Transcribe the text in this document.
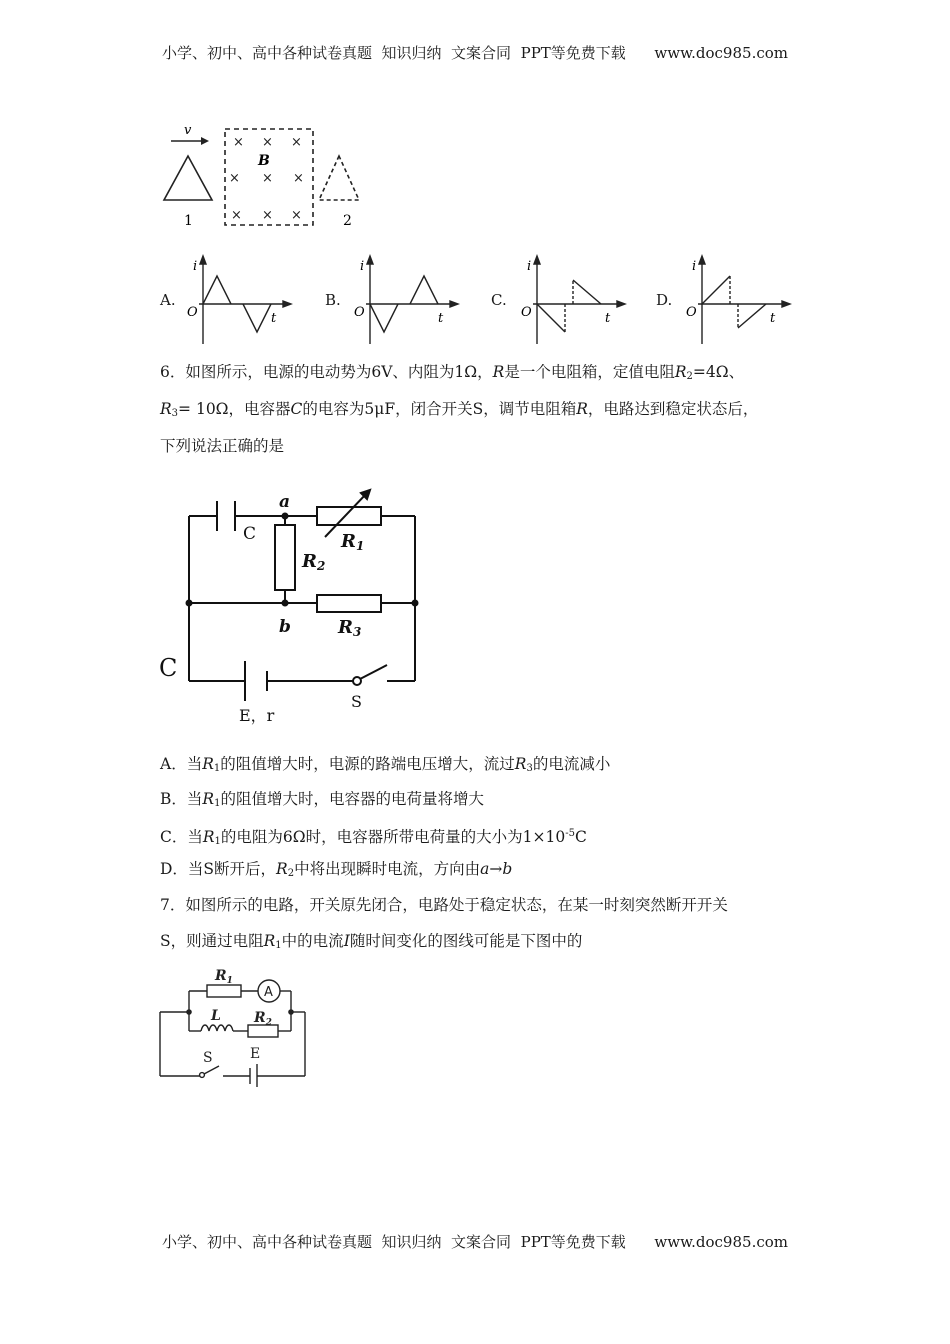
小学、初中、高中各种试卷真题  知识归纳  文案合同  PPT等免费下载      www.doc985.com
× × ×
× × ×
× × ×
v
B
1	2
A.
i
t
O
B.
i
t
O
C.
i
t
O
D.
i
t
O
6．如图所示，电源的电动势为6V、内阻为1Ω，R是一个电阻箱，定值电阻$R_2=4\Omega$、
$R_3= 10\Omega$，电容器C的电容为5μF，闭合开关S，调节电阻箱R，电路达到稳定状态后，
下列说法正确的是
a
b
C	R1
R2
R3
E，r
S
C
A．当$R_1$的阻值增大时，电源的路端电压增大，流过$R_3$的电流减小
B．当$R_1$的阻值增大时，电容器的电荷量将增大
C．当$R_1$的电阻为6Ω时，电容器所带电荷量的大小为$1\times 10^{-5}C$
D．当S断开后，$R_2$中将出现瞬时电流，方向由a→b
7．如图所示的电路，开关原先闭合，电路处于稳定状态，在某一时刻突然断开开关
S，则通过电阻$R_1$中的电流I随时间变化的图线可能是下图中的
$R_1$
A
L $R_2$
S	E
小学、初中、高中各种试卷真题  知识归纳  文案合同  PPT等免费下载      www.doc985.com
